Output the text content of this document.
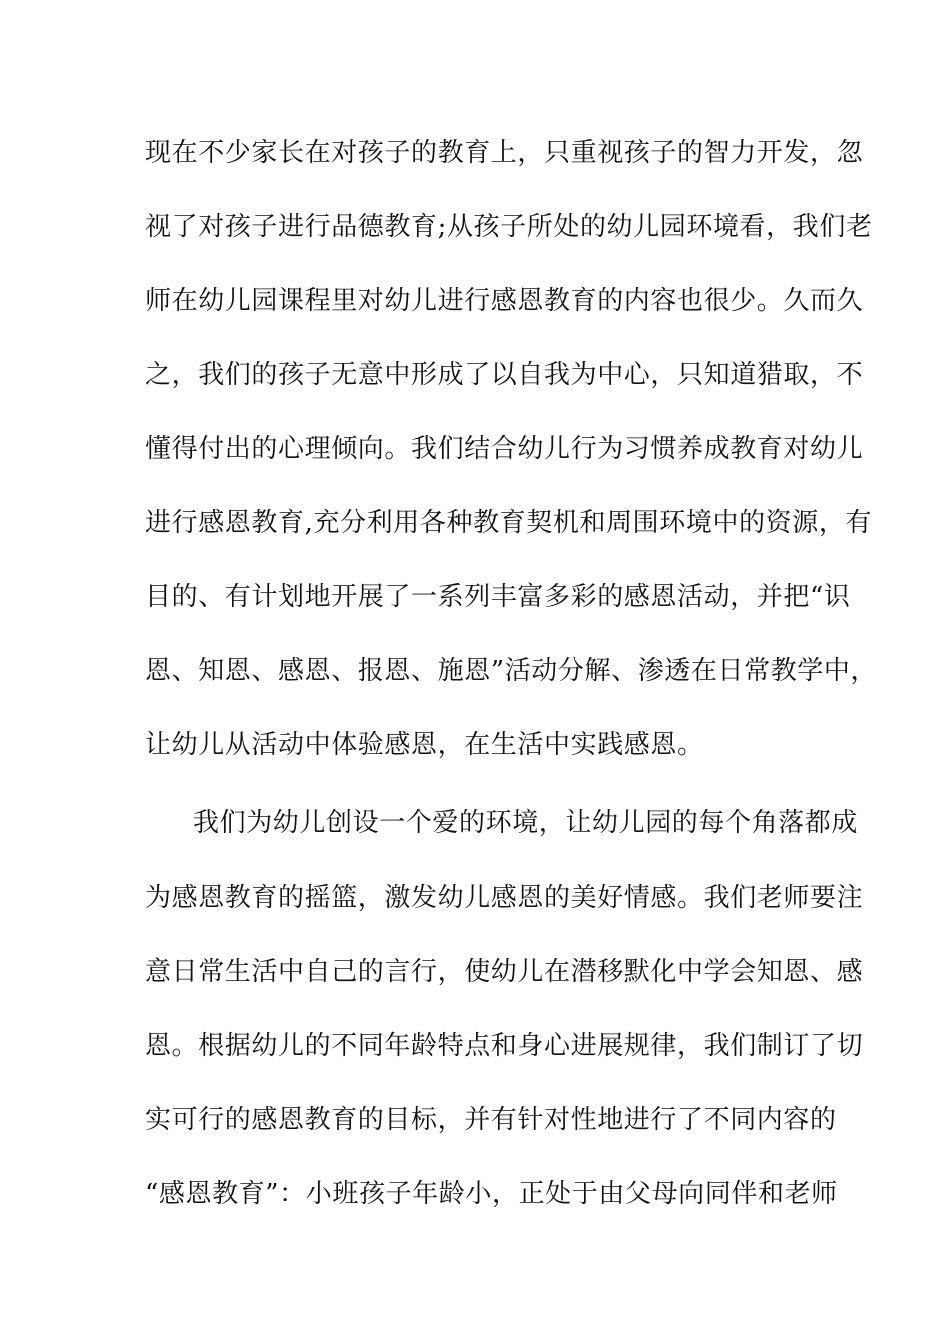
现在不少家长在对孩子的教育上，只重视孩子的智力开发，忽
视了对孩子进行品德教育;从孩子所处的幼儿园环境看，我们老
师在幼儿园课程里对幼儿进行感恩教育的内容也很少。久而久
之，我们的孩子无意中形成了以自我为中心，只知道猎取，不
懂得付出的心理倾向。我们结合幼儿行为习惯养成教育对幼儿
进行感恩教育,充分利用各种教育契机和周围环境中的资源，有
目的、有计划地开展了一系列丰富多彩的感恩活动，并把“识
恩、知恩、感恩、报恩、施恩”活动分解、渗透在日常教学中，
让幼儿从活动中体验感恩，在生活中实践感恩。
我们为幼儿创设一个爱的环境，让幼儿园的每个角落都成
为感恩教育的摇篮，激发幼儿感恩的美好情感。我们老师要注
意日常生活中自己的言行，使幼儿在潜移默化中学会知恩、感
恩。根据幼儿的不同年龄特点和身心进展规律，我们制订了切
实可行的感恩教育的目标，并有针对性地进行了不同内容的
“感恩教育”：小班孩子年龄小，正处于由父母向同伴和老师
